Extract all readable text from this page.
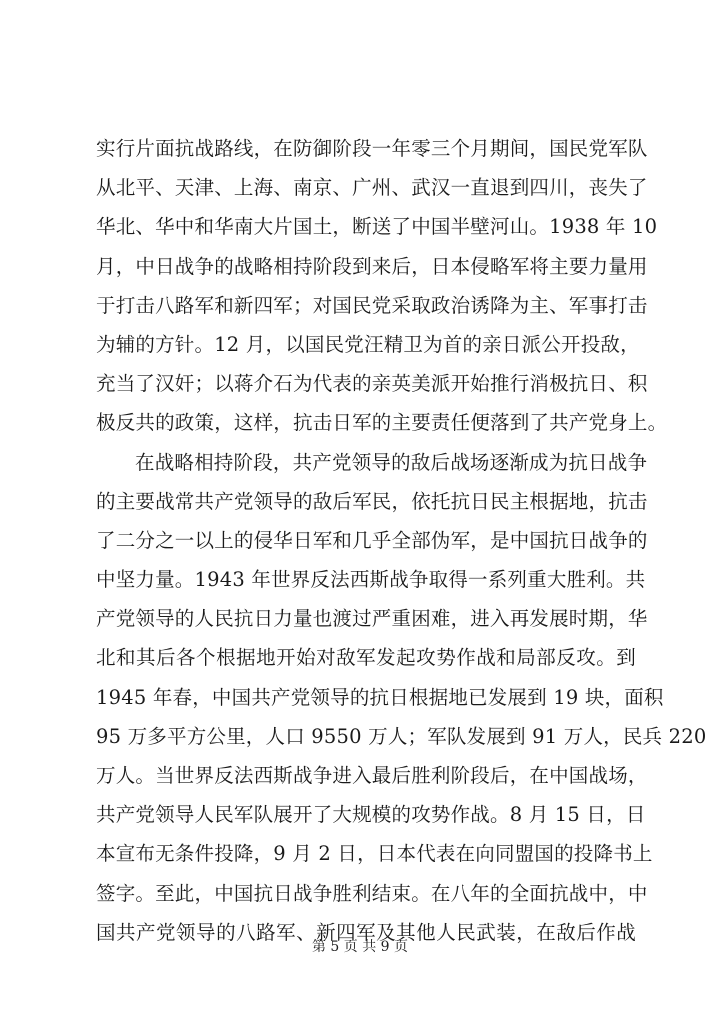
实行片面抗战路线，在防御阶段一年零三个月期间，国民党军队
从北平、天津、上海、南京、广州、武汉一直退到四川，丧失了
华北、华中和华南大片国土，断送了中国半壁河山。1938 年 10
月，中日战争的战略相持阶段到来后，日本侵略军将主要力量用
于打击八路军和新四军；对国民党采取政治诱降为主、军事打击
为辅的方针。12 月，以国民党汪精卫为首的亲日派公开投敌，
充当了汉奸；以蒋介石为代表的亲英美派开始推行消极抗日、积
极反共的政策，这样，抗击日军的主要责任便落到了共产党身上。
在战略相持阶段，共产党领导的敌后战场逐渐成为抗日战争
的主要战常共产党领导的敌后军民，依托抗日民主根据地，抗击
了二分之一以上的侵华日军和几乎全部伪军，是中国抗日战争的
中坚力量。1943 年世界反法西斯战争取得一系列重大胜利。共
产党领导的人民抗日力量也渡过严重困难，进入再发展时期，华
北和其后各个根据地开始对敌军发起攻势作战和局部反攻。到
1945 年春，中国共产党领导的抗日根据地已发展到 19 块，面积
95 万多平方公里，人口 9550 万人；军队发展到 91 万人，民兵 220
万人。当世界反法西斯战争进入最后胜利阶段后，在中国战场，
共产党领导人民军队展开了大规模的攻势作战。8 月 15 日，日
本宣布无条件投降，9 月 2 日，日本代表在向同盟国的投降书上
签字。至此，中国抗日战争胜利结束。在八年的全面抗战中，中
国共产党领导的八路军、新四军及其他人民武装，在敌后作战
第 5 页 共 9 页
